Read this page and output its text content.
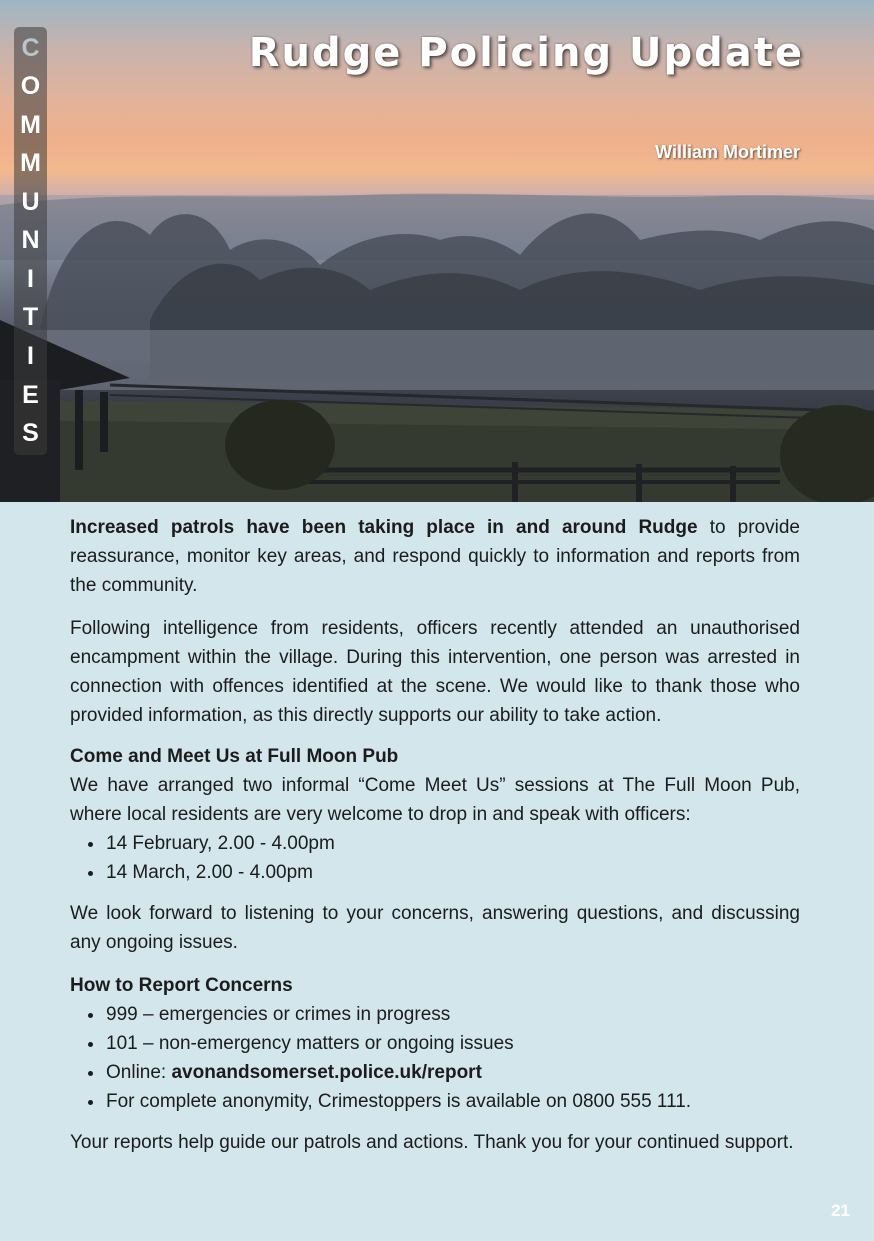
C
O
M
M
U
N
I
T
I
E
S
Rudge Policing Update
William Mortimer

Increased patrols have been taking place in and around Rudge to provide reassurance, monitor key areas, and respond quickly to information and reports from the community.

Following intelligence from residents, officers recently attended an unauthorised encampment within the village. During this intervention, one person was arrested in connection with offences identified at the scene. We would like to thank those who provided information, as this directly supports our ability to take action.

Come and Meet Us at Full Moon Pub

We have arranged two informal “Come Meet Us” sessions at The Full Moon Pub, where local residents are very welcome to drop in and speak with officers:

14 February, 2.00 - 4.00pm
14 March, 2.00 - 4.00pm

We look forward to listening to your concerns, answering questions, and discussing any ongoing issues.

How to Report Concerns
999 – emergencies or crimes in progress
101 – non-emergency matters or ongoing issues
Online: avonandsomerset.police.uk/report
For complete anonymity, Crimestoppers is available on 0800 555 111.

Your reports help guide our patrols and actions. Thank you for your continued support.

21
